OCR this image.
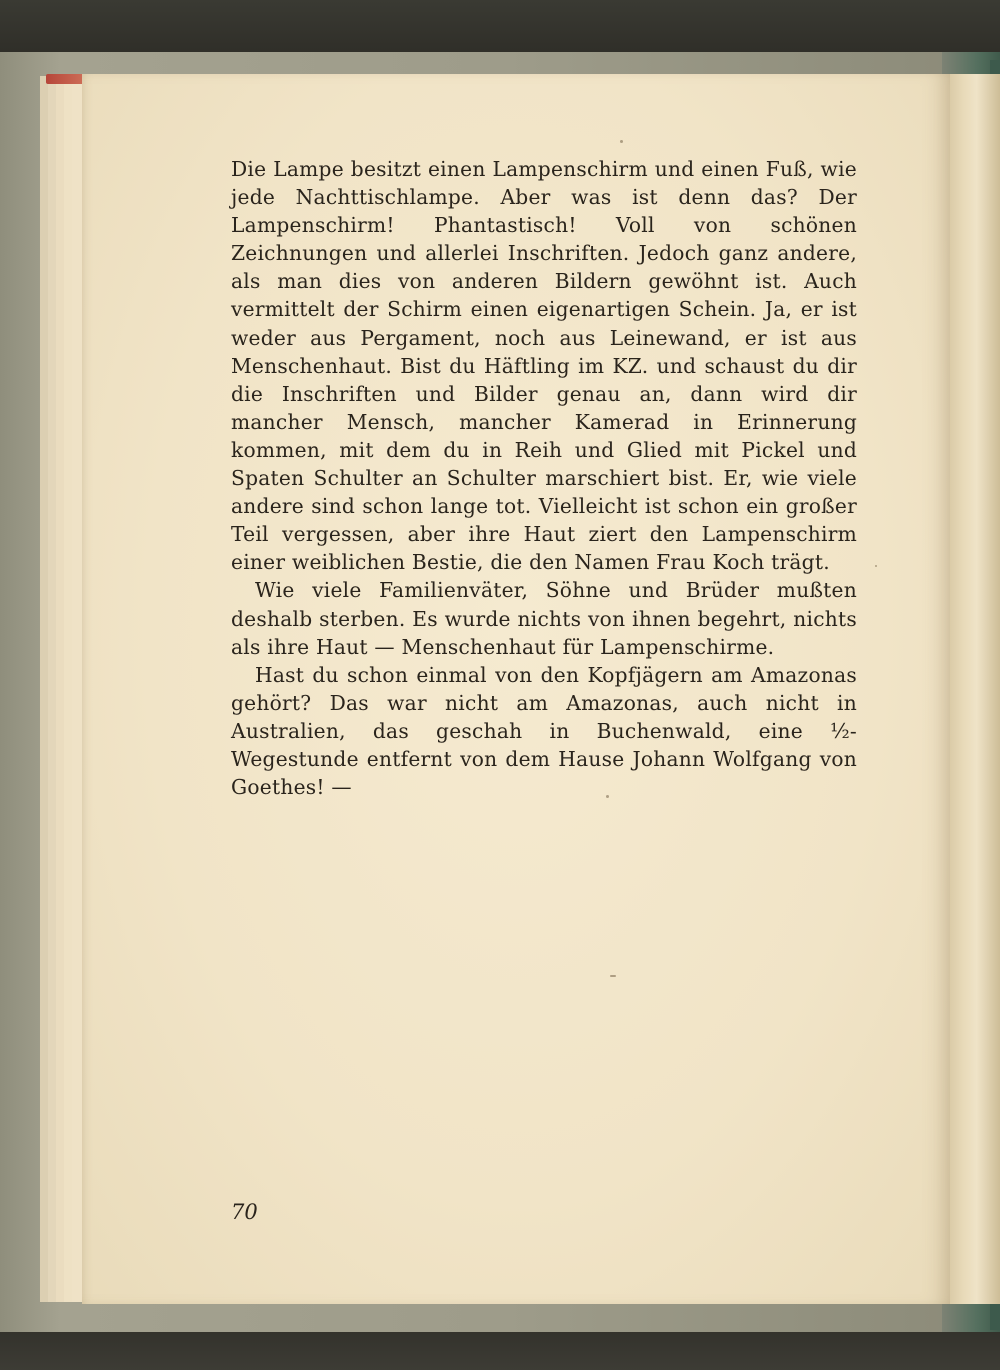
Die Lampe besitzt einen Lampenschirm und einen Fuß, wie jede Nachttischlampe. Aber was ist denn das? Der Lampenschirm! Phantastisch! Voll von schönen Zeichnungen und allerlei Inschriften. Jedoch ganz andere, als man dies von anderen Bildern gewöhnt ist. Auch vermittelt der Schirm einen eigenartigen Schein. Ja, er ist weder aus Pergament, noch aus Leinewand, er ist aus Menschenhaut. Bist du Häftling im KZ. und schaust du dir die Inschriften und Bilder genau an, dann wird dir mancher Mensch, mancher Kamerad in Erinnerung kommen, mit dem du in Reih und Glied mit Pickel und Spaten Schulter an Schulter marschiert bist. Er, wie viele andere sind schon lange tot. Vielleicht ist schon ein großer Teil vergessen, aber ihre Haut ziert den Lampenschirm einer weiblichen Bestie, die den Namen Frau Koch trägt.

Wie viele Familienväter, Söhne und Brüder mußten deshalb sterben. Es wurde nichts von ihnen begehrt, nichts als ihre Haut — Menschenhaut für Lampenschirme.

Hast du schon einmal von den Kopfjägern am Amazonas gehört? Das war nicht am Amazonas, auch nicht in Australien, das geschah in Buchenwald, eine ½-Wegestunde entfernt von dem Hause Johann Wolfgang von Goethes! —

70
